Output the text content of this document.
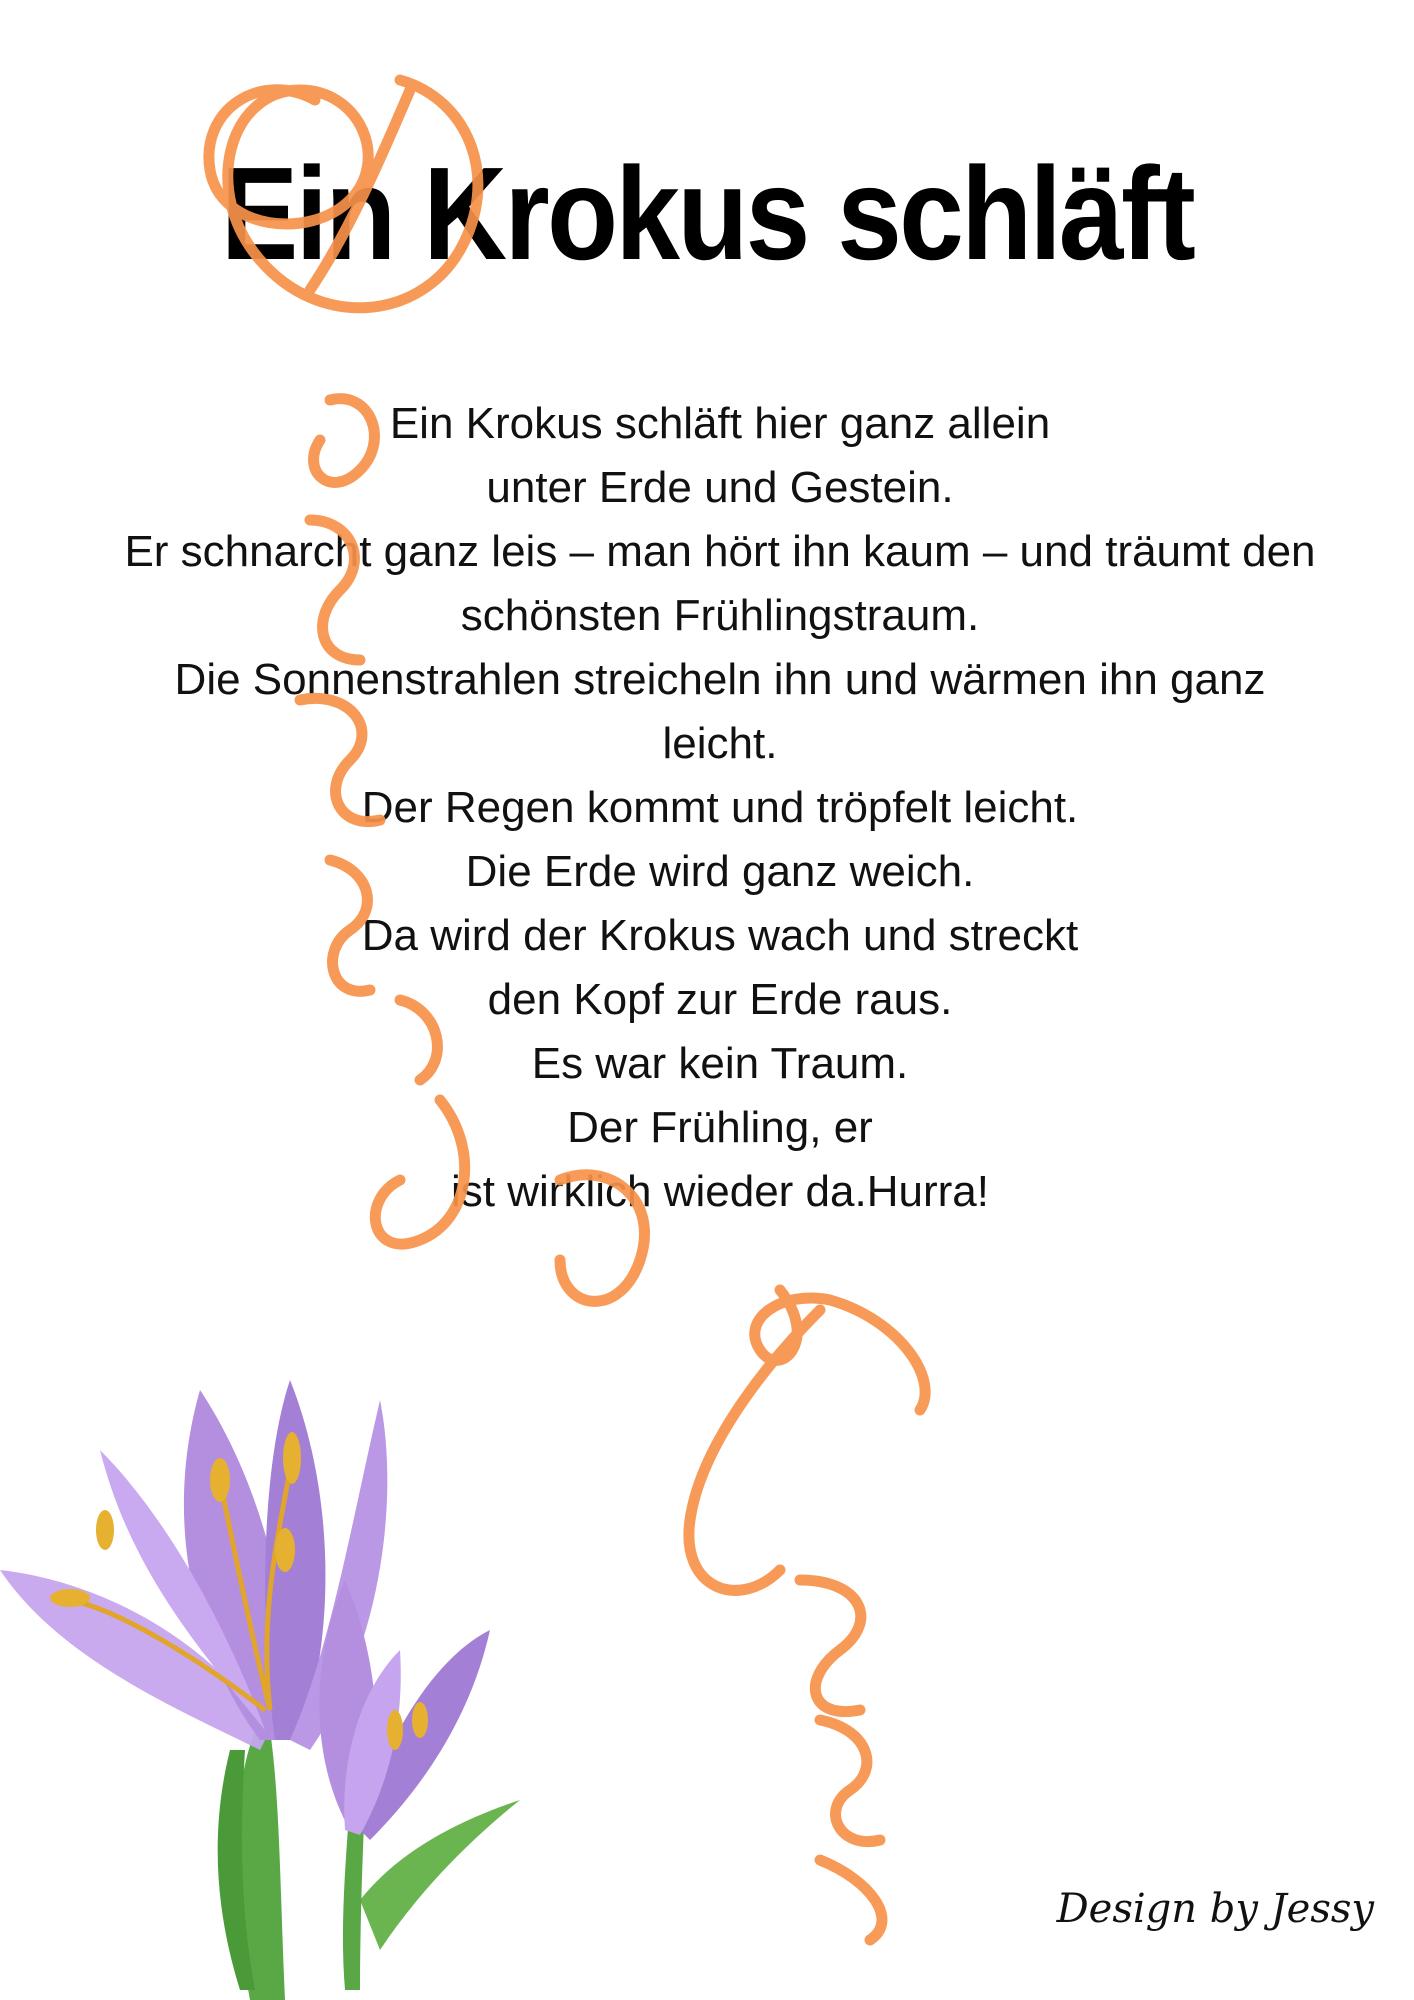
Ein Krokus schläft
Ein Krokus schläft hier ganz allein
unter Erde und Gestein.
Er schnarcht ganz leis – man hört ihn kaum – und träumt den
schönsten Frühlingstraum.
Die Sonnenstrahlen streicheln ihn und wärmen ihn ganz
leicht.
Der Regen kommt und tröpfelt leicht.
Die Erde wird ganz weich.
Da wird der Krokus wach und streckt
den Kopf zur Erde raus.
Es war kein Traum.
Der Frühling, er
ist wirklich wieder da.Hurra!
Design by Jessy
